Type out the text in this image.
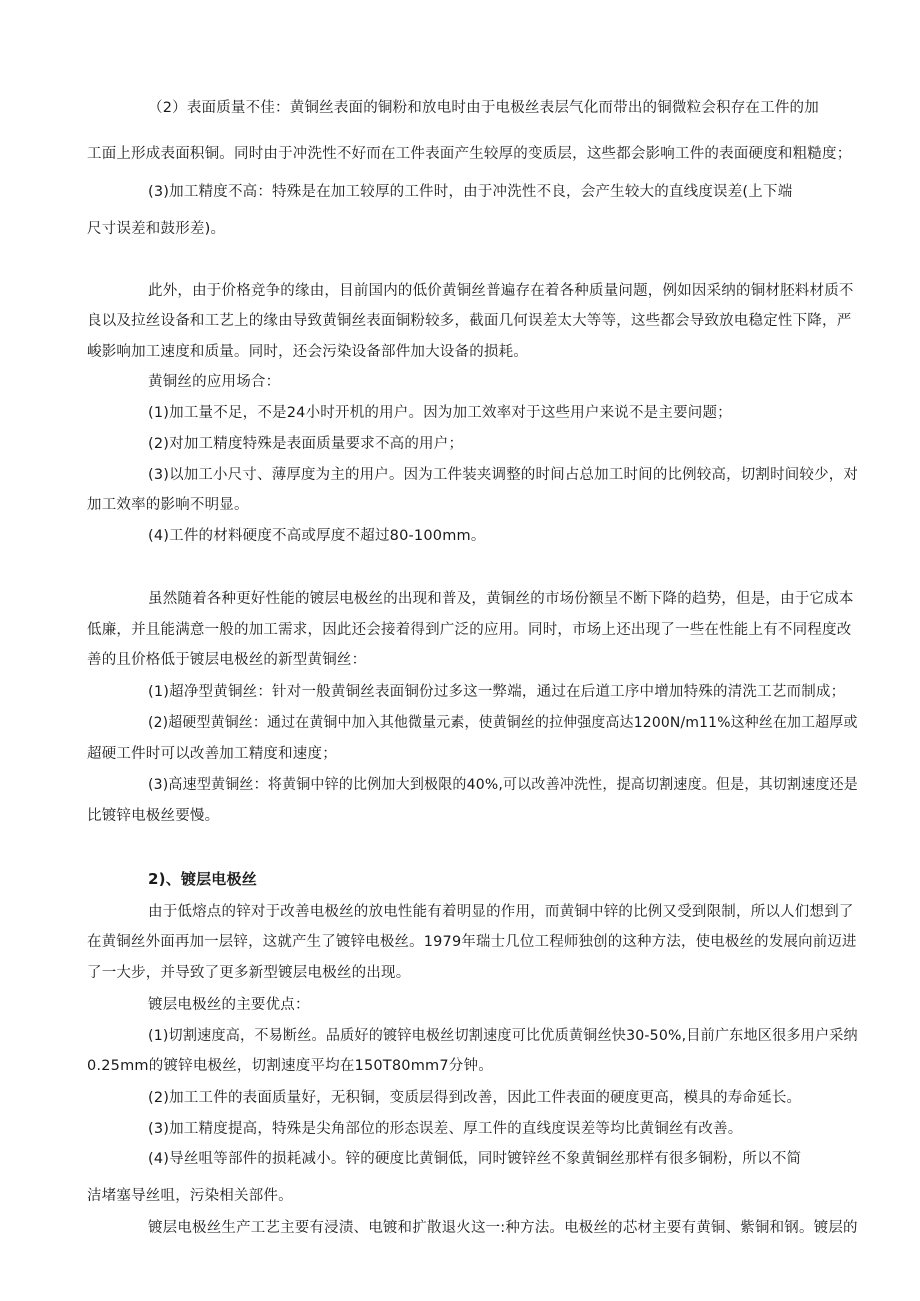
（2）表面质量不佳：黄铜丝表面的铜粉和放电时由于电极丝表层气化而带出的铜微粒会积存在工件的加
工面上形成表面积铜。同时由于冲洗性不好而在工件表面产生较厚的变质层，这些都会影响工件的表面硬度和粗糙度；
(3)加工精度不高：特殊是在加工较厚的工件时，由于冲洗性不良，会产生较大的直线度误差(上下端
尺寸误差和鼓形差)。
此外，由于价格竞争的缘由，目前国内的低价黄铜丝普遍存在着各种质量问题，例如因采纳的铜材胚料材质不
良以及拉丝设备和工艺上的缘由导致黄铜丝表面铜粉较多，截面几何误差太大等等，这些都会导致放电稳定性下降，严
峻影响加工速度和质量。同时，还会污染设备部件加大设备的损耗。
黄铜丝的应用场合：
(1)加工量不足，不是24小时开机的用户。因为加工效率对于这些用户来说不是主要问题；
(2)对加工精度特殊是表面质量要求不高的用户；
(3)以加工小尺寸、薄厚度为主的用户。因为工件装夹调整的时间占总加工时间的比例较高，切割时间较少，对
加工效率的影响不明显。
(4)工件的材料硬度不高或厚度不超过80-100mm。
虽然随着各种更好性能的镀层电极丝的出现和普及，黄铜丝的市场份额呈不断下降的趋势，但是，由于它成本
低廉，并且能满意一般的加工需求，因此还会接着得到广泛的应用。同时，市场上还出现了一些在性能上有不同程度改
善的且价格低于镀层电极丝的新型黄铜丝：
(1)超净型黄铜丝：针对一般黄铜丝表面铜份过多这一弊端，通过在后道工序中增加特殊的清洗工艺而制成；
(2)超硬型黄铜丝：通过在黄铜中加入其他微量元素，使黄铜丝的拉伸强度高达1200N∕m11%这种丝在加工超厚或
超硬工件时可以改善加工精度和速度；
(3)高速型黄铜丝：将黄铜中锌的比例加大到极限的40%,可以改善冲洗性，提高切割速度。但是，其切割速度还是
比镀锌电极丝要慢。
2)、镀层电极丝
由于低熔点的锌对于改善电极丝的放电性能有着明显的作用，而黄铜中锌的比例又受到限制，所以人们想到了
在黄铜丝外面再加一层锌，这就产生了镀锌电极丝。1979年瑞士几位工程师独创的这种方法，使电极丝的发展向前迈进
了一大步，并导致了更多新型镀层电极丝的出现。
镀层电极丝的主要优点：
(1)切割速度高，不易断丝。品质好的镀锌电极丝切割速度可比优质黄铜丝快30-50%,目前广东地区很多用户采纳
0.25mm的镀锌电极丝，切割速度平均在150T80mm7分钟。
(2)加工工件的表面质量好，无积铜，变质层得到改善，因此工件表面的硬度更高，模具的寿命延长。
(3)加工精度提高，特殊是尖角部位的形态误差、厚工件的直线度误差等均比黄铜丝有改善。
(4)导丝咀等部件的损耗减小。锌的硬度比黄铜低，同时镀锌丝不象黄铜丝那样有很多铜粉，所以不简
洁堵塞导丝咀，污染相关部件。
镀层电极丝生产工艺主要有浸渍、电镀和扩散退火这一:种方法。电极丝的芯材主要有黄铜、紫铜和钢。镀层的
